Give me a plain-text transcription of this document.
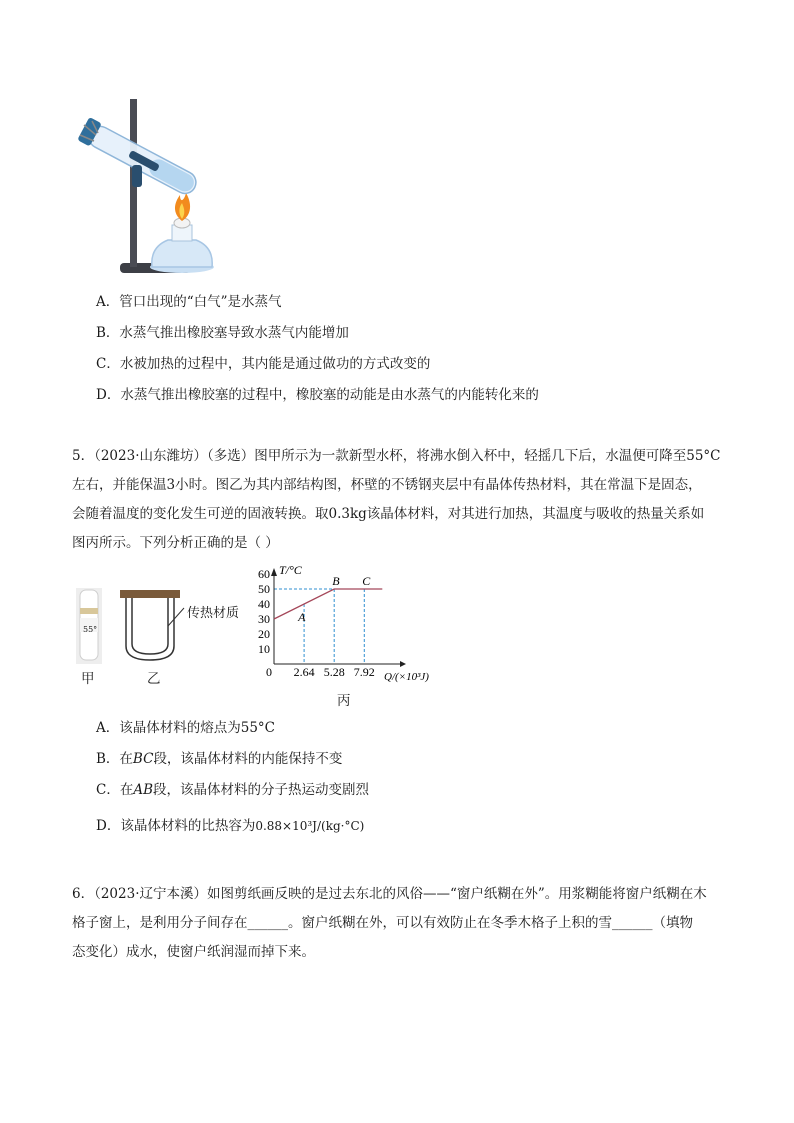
A．管口出现的“白气”是水蒸气
B．水蒸气推出橡胶塞导致水蒸气内能增加
C．水被加热的过程中，其内能是通过做功的方式改变的
D．水蒸气推出橡胶塞的过程中，橡胶塞的动能是由水蒸气的内能转化来的

5．（2023·山东潍坊）（多选）图甲所示为一款新型水杯，将沸水倒入杯中，轻摇几下后，水温便可降至55°C

左右，并能保温3小时。图乙为其内部结构图，杯壁的不锈钢夹层中有晶体传热材料，其在常温下是固态，

会随着温度的变化发生可逆的固液转换。取0.3kg该晶体材料，对其进行加热，其温度与吸收的热量关系如

图丙所示。下列分析正确的是（ ）

55°
甲
传热材质
乙
10
20
30
40
50
60
2.64 5.28 7.92
A
B C
T/°C
Q/(×10³J)
0
丙
A．该晶体材料的熔点为55°C
B．在BC段，该晶体材料的内能保持不变
C．在AB段，该晶体材料的分子热运动变剧烈
D．该晶体材料的比热容为0.88×10³J/(kg·°C)

6．（2023·辽宁本溪）如图剪纸画反映的是过去东北的风俗——“窗户纸糊在外”。用浆糊能将窗户纸糊在木

格子窗上，是利用分子间存在______。窗户纸糊在外，可以有效防止在冬季木格子上积的雪______（填物

态变化）成水，使窗户纸润湿而掉下来。
